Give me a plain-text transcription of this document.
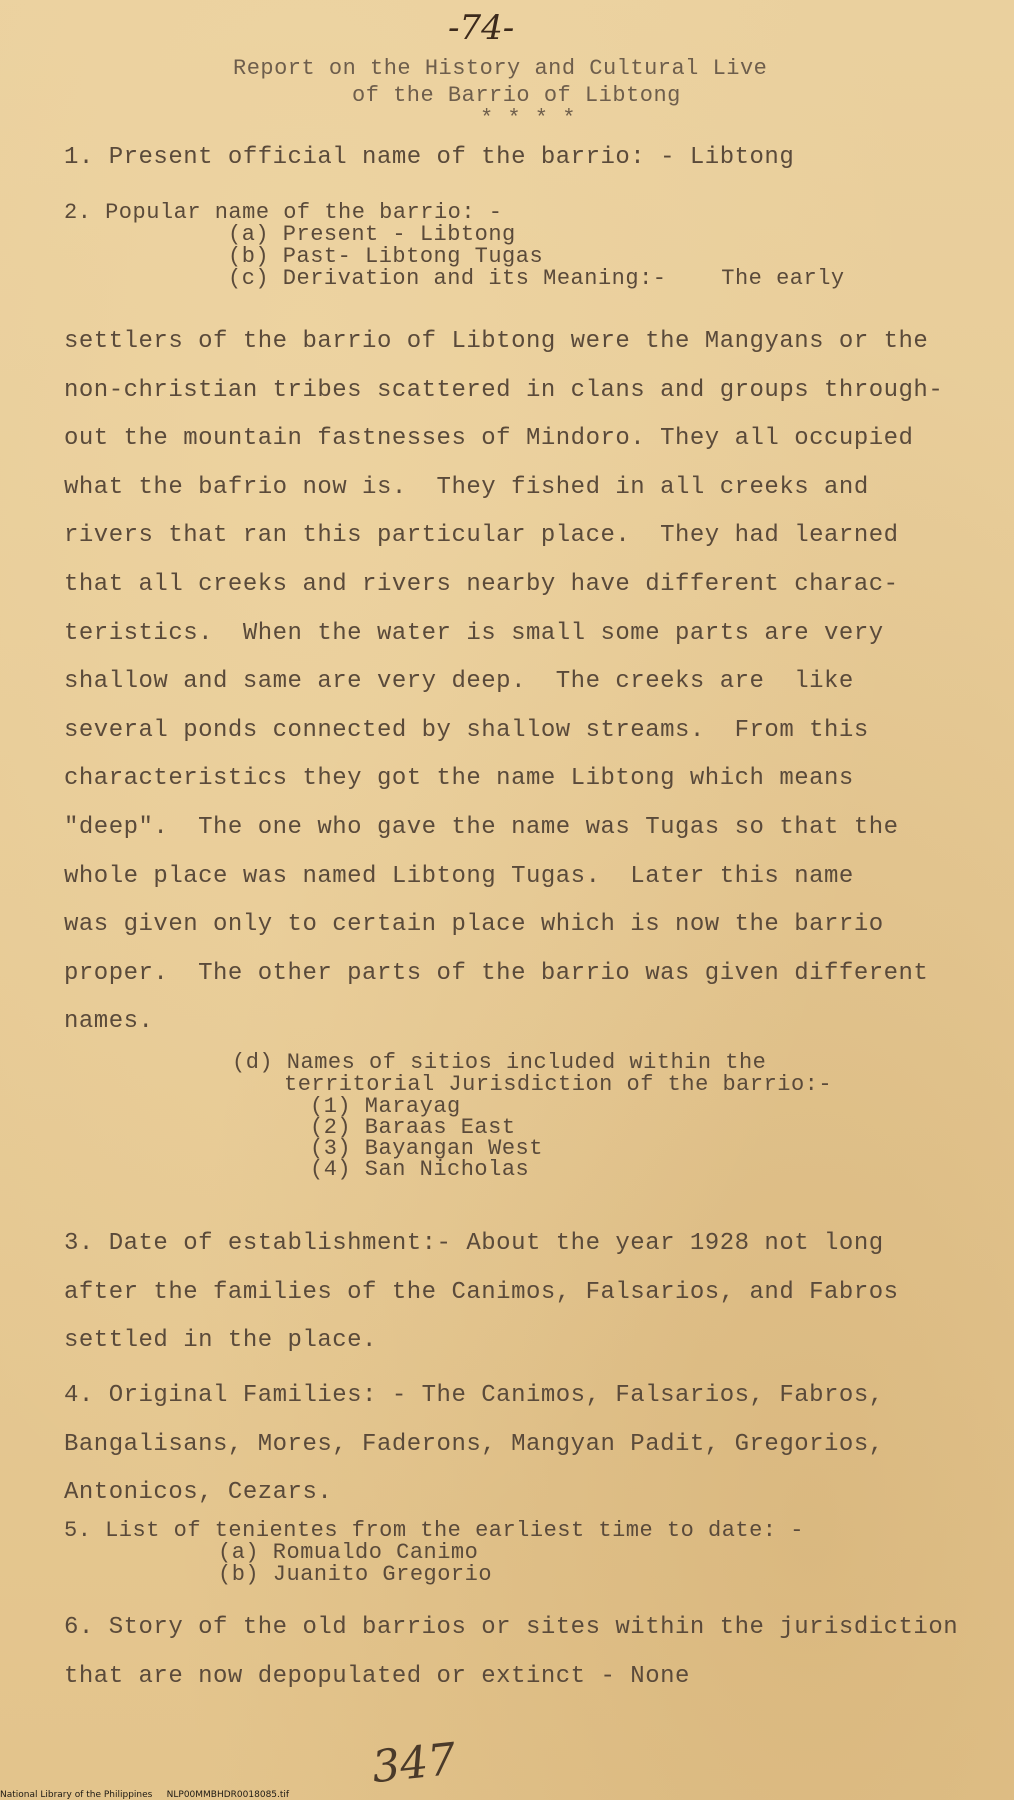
-74-
Report on the History and Cultural Live
of the Barrio of Libtong
* * * *
1. Present official name of the barrio: - Libtong
2. Popular name of the barrio: -
(a) Present - Libtong
(b) Past- Libtong Tugas
(c) Derivation and its Meaning:-    The early
settlers of the barrio of Libtong were the Mangyans or the
non-christian tribes scattered in clans and groups through-
out the mountain fastnesses of Mindoro. They all occupied
what the bafrio now is.  They fished in all creeks and
rivers that ran this particular place.  They had learned
that all creeks and rivers nearby have different charac-
teristics.  When the water is small some parts are very
shallow and same are very deep.  The creeks are  like
several ponds connected by shallow streams.  From this
characteristics they got the name Libtong which means
"deep".  The one who gave the name was Tugas so that the
whole place was named Libtong Tugas.  Later this name
was given only to certain place which is now the barrio
proper.  The other parts of the barrio was given different
names.
(d) Names of sitios included within the
territorial Jurisdiction of the barrio:-
(1) Marayag
(2) Baraas East
(3) Bayangan West
(4) San Nicholas
3. Date of establishment:- About the year 1928 not long
after the families of the Canimos, Falsarios, and Fabros
settled in the place.
4. Original Families: - The Canimos, Falsarios, Fabros,
Bangalisans, Mores, Faderons, Mangyan Padit, Gregorios,
Antonicos, Cezars.
5. List of tenientes from the earliest time to date: -
(a) Romualdo Canimo
(b) Juanito Gregorio
6. Story of the old barrios or sites within the jurisdiction
that are now depopulated or extinct - None
347
National Library of the Philippines     NLP00MMBHDR0018085.tif
